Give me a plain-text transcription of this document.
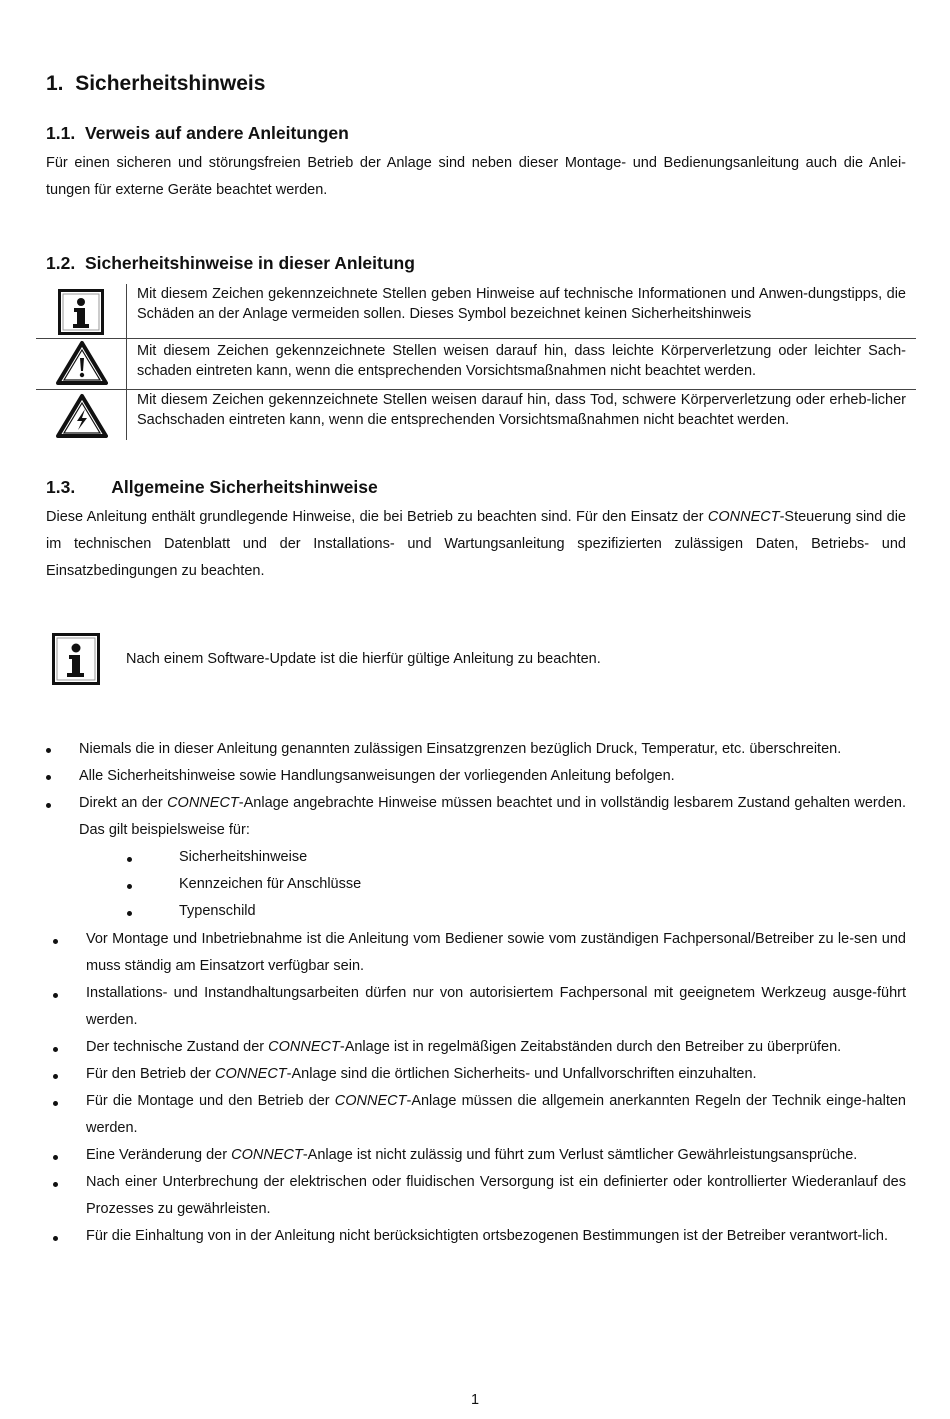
1. Sicherheitshinweis
1.1. Verweis auf andere Anleitungen

Für einen sicheren und störungsfreien Betrieb der Anlage sind neben dieser Montage- und Bedienungsanleitung auch die Anlei-tungen für externe Geräte beachtet werden.

1.2. Sicherheitshinweise in dieser Anleitung
Mit diesem Zeichen gekennzeichnete Stellen geben Hinweise auf technische Informationen und Anwen-dungstipps, die Schäden an der Anlage vermeiden sollen. Dieses Symbol bezeichnet keinen Sicherheitshinweis
Mit diesem Zeichen gekennzeichnete Stellen weisen darauf hin, dass leichte Körperverletzung oder leichter Sach-schaden eintreten kann, wenn die entsprechenden Vorsichtsmaßnahmen nicht beachtet werden.
Mit diesem Zeichen gekennzeichnete Stellen weisen darauf hin, dass Tod, schwere Körperverletzung oder erheb-licher Sachschaden eintreten kann, wenn die entsprechenden Vorsichtsmaßnahmen nicht beachtet werden.
1.3. Allgemeine Sicherheitshinweise

Diese Anleitung enthält grundlegende Hinweise, die bei Betrieb zu beachten sind. Für den Einsatz der CONNECT-Steuerung sind die im technischen Datenblatt und der Installations- und Wartungsanleitung spezifizierten zulässigen Daten, Betriebs- und Einsatzbedingungen zu beachten.

Nach einem Software-Update ist die hierfür gültige Anleitung zu beachten.
Niemals die in dieser Anleitung genannten zulässigen Einsatzgrenzen bezüglich Druck, Temperatur, etc. überschreiten.
Alle Sicherheitshinweise sowie Handlungsanweisungen der vorliegenden Anleitung befolgen.
Direkt an der CONNECT-Anlage angebrachte Hinweise müssen beachtet und in vollständig lesbarem Zustand gehalten werden. Das gilt beispielsweise für:
Sicherheitshinweise
Kennzeichen für Anschlüsse
Typenschild
Vor Montage und Inbetriebnahme ist die Anleitung vom Bediener sowie vom zuständigen Fachpersonal/Betreiber zu le-sen und muss ständig am Einsatzort verfügbar sein.
Installations- und Instandhaltungsarbeiten dürfen nur von autorisiertem Fachpersonal mit geeignetem Werkzeug ausge-führt werden.
Der technische Zustand der CONNECT-Anlage ist in regelmäßigen Zeitabständen durch den Betreiber zu überprüfen.
Für den Betrieb der CONNECT-Anlage sind die örtlichen Sicherheits- und Unfallvorschriften einzuhalten.
Für die Montage und den Betrieb der CONNECT-Anlage müssen die allgemein anerkannten Regeln der Technik einge-halten werden.
Eine Veränderung der CONNECT-Anlage ist nicht zulässig und führt zum Verlust sämtlicher Gewährleistungsansprüche.
Nach einer Unterbrechung der elektrischen oder fluidischen Versorgung ist ein definierter oder kontrollierter Wiederanlauf des Prozesses zu gewährleisten.
Für die Einhaltung von in der Anleitung nicht berücksichtigten ortsbezogenen Bestimmungen ist der Betreiber verantwort-lich.
1
